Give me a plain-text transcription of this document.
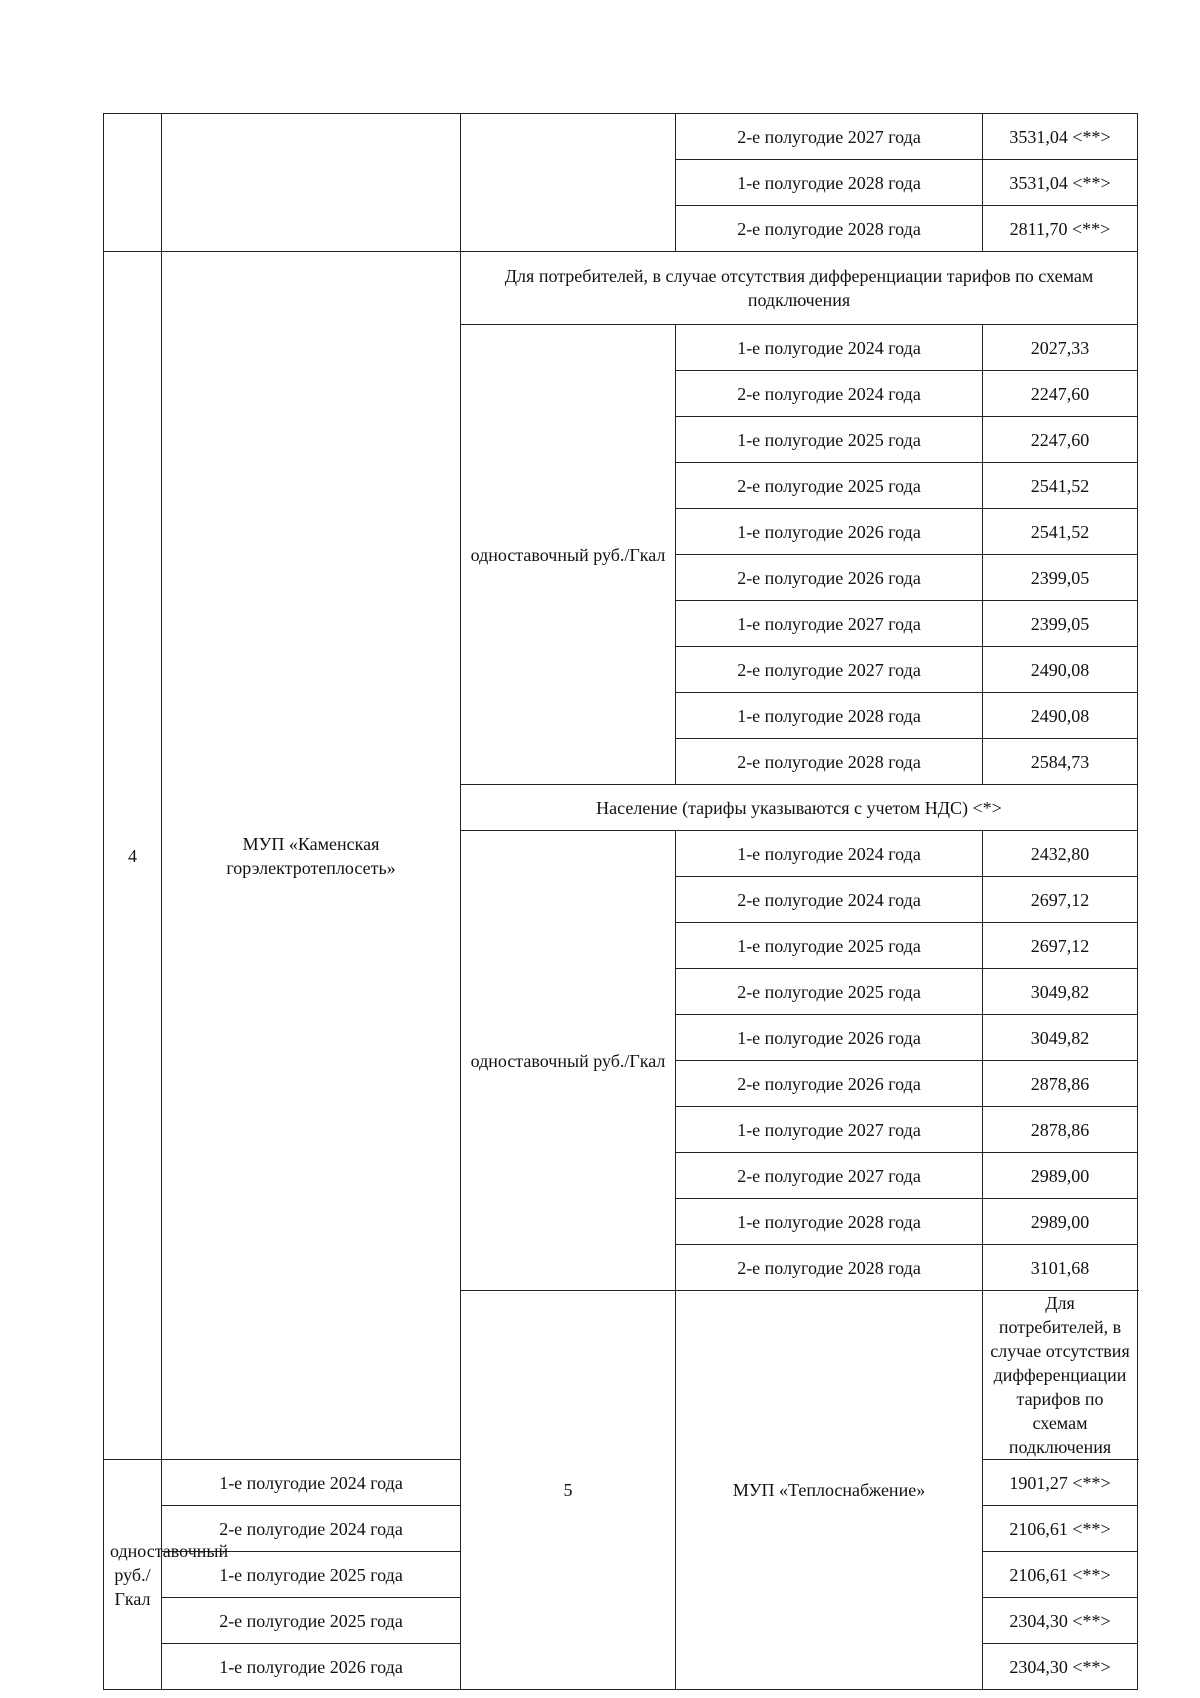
			2-е полугодие 2027 года	3531,04 <**>
			1-е полугодие 2028 года	3531,04 <**>
			2-е полугодие 2028 года	2811,70 <**>
4	МУП «Каменская горэлектротеплосеть»	Для потребителей, в случае отсутствия дифференциации тарифов по схемам подключения		
		одноставочный руб./Гкал	1-е полугодие 2024 года	2027,33
			2-е полугодие 2024 года	2247,60
			1-е полугодие 2025 года	2247,60
			2-е полугодие 2025 года	2541,52
			1-е полугодие 2026 года	2541,52
			2-е полугодие 2026 года	2399,05
			1-е полугодие 2027 года	2399,05
			2-е полугодие 2027 года	2490,08
			1-е полугодие 2028 года	2490,08
			2-е полугодие 2028 года	2584,73
		Население (тарифы указываются с учетом НДС) <*>		
		одноставочный руб./Гкал	1-е полугодие 2024 года	2432,80
			2-е полугодие 2024 года	2697,12
			1-е полугодие 2025 года	2697,12
			2-е полугодие 2025 года	3049,82
			1-е полугодие 2026 года	3049,82
			2-е полугодие 2026 года	2878,86
			1-е полугодие 2027 года	2878,86
			2-е полугодие 2027 года	2989,00
			1-е полугодие 2028 года	2989,00
			2-е полугодие 2028 года	3101,68
		5	МУП «Теплоснабжение»	Для потребителей, в случае отсутствия дифференциации тарифов по схемам подключения
одноставочный руб./Гкал	1-е полугодие 2024 года			1901,27 <**>
	2-е полугодие 2024 года			2106,61 <**>
	1-е полугодие 2025 года			2106,61 <**>
	2-е полугодие 2025 года			2304,30 <**>
	1-е полугодие 2026 года			2304,30 <**>
